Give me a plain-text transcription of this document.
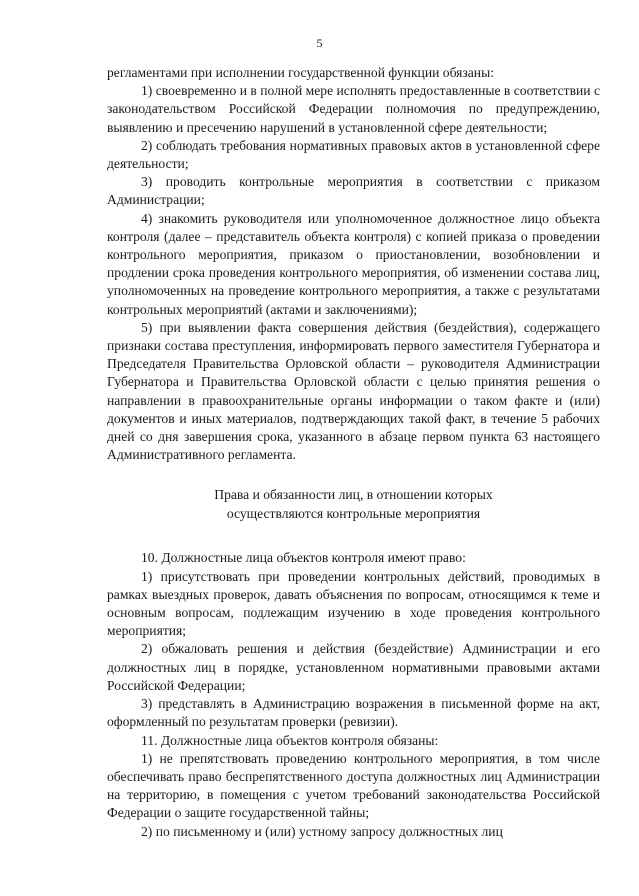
5

регламентами при исполнении государственной функции обязаны:

1) своевременно и в полной мере исполнять предоставленные в соответствии с законодательством Российской Федерации полномочия по предупреждению, выявлению и пресечению нарушений в установленной сфере деятельности;

2) соблюдать требования нормативных правовых актов в установленной сфере деятельности;

3) проводить контрольные мероприятия в соответствии с приказом Администрации;

4) знакомить руководителя или уполномоченное должностное лицо объекта контроля (далее – представитель объекта контроля) с копией приказа о проведении контрольного мероприятия, приказом о приостановлении, возобновлении и продлении срока проведения контрольного мероприятия, об изменении состава лиц, уполномоченных на проведение контрольного мероприятия, а также с результатами контрольных мероприятий (актами и заключениями);

5) при выявлении факта совершения действия (бездействия), содержащего признаки состава преступления, информировать первого заместителя Губернатора и Председателя Правительства Орловской области – руководителя Администрации Губернатора и Правительства Орловской области с целью принятия решения о направлении в правоохранительные органы информации о таком факте и (или) документов и иных материалов, подтверждающих такой факт, в течение 5 рабочих дней со дня завершения срока, указанного в абзаце первом пункта 63 настоящего Административного регламента.

Права и обязанности лиц, в отношении которых
осуществляются контрольные мероприятия

10. Должностные лица объектов контроля имеют право:

1) присутствовать при проведении контрольных действий, проводимых в рамках выездных проверок, давать объяснения по вопросам, относящимся к теме и основным вопросам, подлежащим изучению в ходе проведения контрольного мероприятия;

2) обжаловать решения и действия (бездействие) Администрации и его должностных лиц в порядке, установленном нормативными правовыми актами Российской Федерации;

3) представлять в Администрацию возражения в письменной форме на акт, оформленный по результатам проверки (ревизии).

11. Должностные лица объектов контроля обязаны:

1) не препятствовать проведению контрольного мероприятия, в том числе обеспечивать право беспрепятственного доступа должностных лиц Администрации на территорию, в помещения с учетом требований законодательства Российской Федерации о защите государственной тайны;

2) по письменному и (или) устному запросу должностных лиц
